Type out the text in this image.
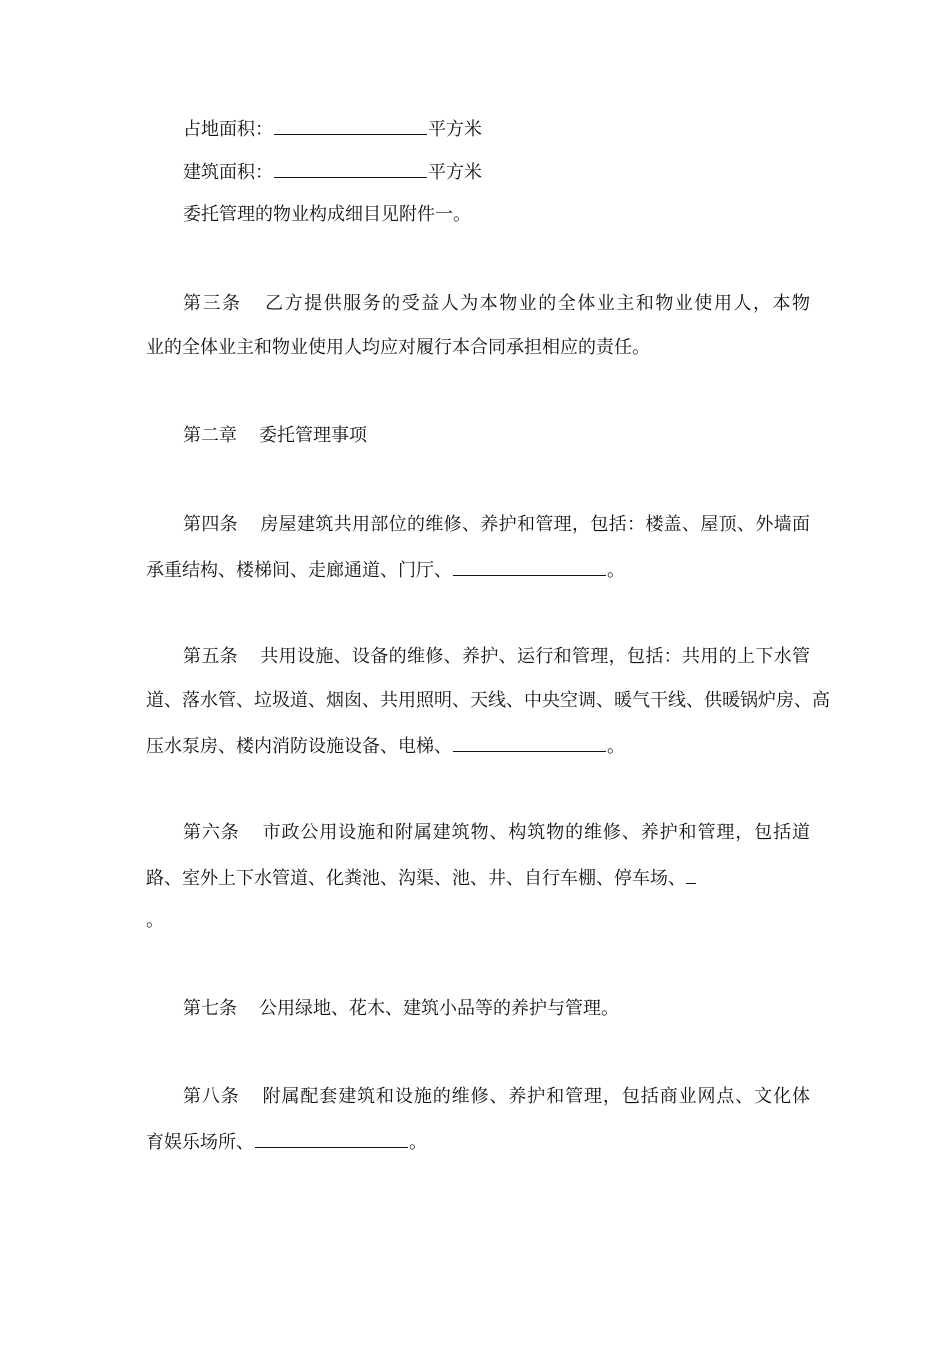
占地面积：	平方米
建筑面积：	平方米
委托管理的物业构成细目见附件一。
第三条 乙方提供服务的受益人为本物业的全体业主和物业使用人，本物
业的全体业主和物业使用人均应对履行本合同承担相应的责任。
第二章 委托管理事项
第四条 房屋建筑共用部位的维修、养护和管理，包括：楼盖、屋顶、外墙面
承重结构、楼梯间、走廊通道、门厅、	。
第五条 共用设施、设备的维修、养护、运行和管理，包括：共用的上下水管
道、落水管、垃圾道、烟囱、共用照明、天线、中央空调、暖气干线、供暖锅炉房、高
压水泵房、楼内消防设施设备、电梯、	。
第六条 市政公用设施和附属建筑物、构筑物的维修、养护和管理，包括道
路、室外上下水管道、化粪池、沟渠、池、井、自行车棚、停车场、
。
第七条 公用绿地、花木、建筑小品等的养护与管理。
第八条 附属配套建筑和设施的维修、养护和管理，包括商业网点、文化体
育娱乐场所、	。
